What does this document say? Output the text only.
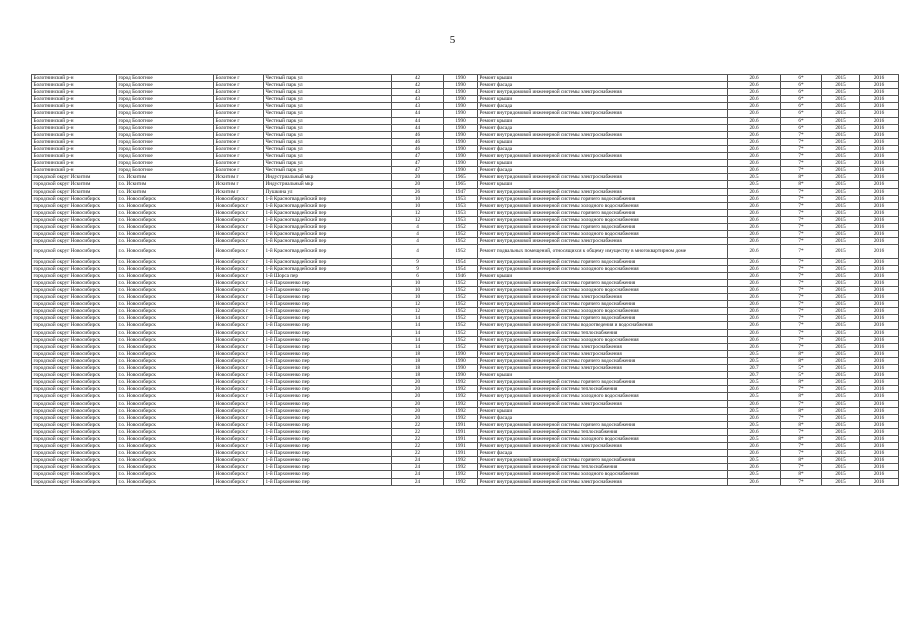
5
Болотнинский р-н	город Болотное	Болотное г	Честный парк ул	42	1990	Ремонт крыши	20.6	6*	2015	2016
Болотнинский р-н	город Болотное	Болотное г	Честный парк ул	42	1990	Ремонт фасада	20.6	6*	2015	2016
Болотнинский р-н	город Болотное	Болотное г	Честный парк ул	43	1990	Ремонт внутридомовой инженерной системы электроснабжения	20.6	6*	2015	2016
Болотнинский р-н	город Болотное	Болотное г	Честный парк ул	43	1990	Ремонт крыши	20.6	6*	2015	2016
Болотнинский р-н	город Болотное	Болотное г	Честный парк ул	43	1990	Ремонт фасада	20.6	6*	2015	2016
Болотнинский р-н	город Болотное	Болотное г	Честный парк ул	44	1990	Ремонт внутридомовой инженерной системы электроснабжения	20.6	6*	2015	2016
Болотнинский р-н	город Болотное	Болотное г	Честный парк ул	44	1990	Ремонт крыши	20.6	6*	2015	2016
Болотнинский р-н	город Болотное	Болотное г	Честный парк ул	44	1990	Ремонт фасада	20.6	6*	2015	2016
Болотнинский р-н	город Болотное	Болотное г	Честный парк ул	46	1990	Ремонт внутридомовой инженерной системы электроснабжения	20.6	7*	2015	2016
Болотнинский р-н	город Болотное	Болотное г	Честный парк ул	46	1990	Ремонт крыши	20.6	7*	2015	2016
Болотнинский р-н	город Болотное	Болотное г	Честный парк ул	46	1990	Ремонт фасада	20.6	7*	2015	2016
Болотнинский р-н	город Болотное	Болотное г	Честный парк ул	47	1990	Ремонт внутридомовой инженерной системы электроснабжения	20.6	7*	2015	2016
Болотнинский р-н	город Болотное	Болотное г	Честный парк ул	47	1990	Ремонт крыши	20.6	7*	2015	2016
Болотнинский р-н	город Болотное	Болотное г	Честный парк ул	47	1990	Ремонт фасада	20.6	7*	2015	2016
городской округ Искитим	г.о. Искитим	Искитим г	Индустриальный мкр	20	1965	Ремонт внутридомовой инженерной системы электроснабжения	20.5	8*	2015	2016
городской округ Искитим	г.о. Искитим	Искитим г	Индустриальный мкр	20	1965	Ремонт крыши	20.5	8*	2015	2016
городской округ Искитим	г.о. Искитим	Искитим г	Пушкина ул	26	1947	Ремонт внутридомовой инженерной системы электроснабжения	20.6	7*	2015	2016
городской округ Новосибирск	г.о. Новосибирск	Новосибирск г	1-й Красногвардейский пер	10	1953	Ремонт внутридомовой инженерной системы горячего водоснабжения	20.6	7*	2015	2016
городской округ Новосибирск	г.о. Новосибирск	Новосибирск г	1-й Красногвардейский пер	10	1953	Ремонт внутридомовой инженерной системы холодного водоснабжения	20.6	7*	2015	2016
городской округ Новосибирск	г.о. Новосибирск	Новосибирск г	1-й Красногвардейский пер	12	1953	Ремонт внутридомовой инженерной системы горячего водоснабжения	20.6	7*	2015	2016
городской округ Новосибирск	г.о. Новосибирск	Новосибирск г	1-й Красногвардейский пер	12	1953	Ремонт внутридомовой инженерной системы холодного водоснабжения	20.6	7*	2015	2016
городской округ Новосибирск	г.о. Новосибирск	Новосибирск г	1-й Красногвардейский пер	4	1952	Ремонт внутридомовой инженерной системы горячего водоснабжения	20.6	7*	2015	2016
городской округ Новосибирск	г.о. Новосибирск	Новосибирск г	1-й Красногвардейский пер	4	1952	Ремонт внутридомовой инженерной системы холодного водоснабжения	20.6	7*	2015	2016
городской округ Новосибирск	г.о. Новосибирск	Новосибирск г	1-й Красногвардейский пер	4	1952	Ремонт внутридомовой инженерной системы электроснабжения	20.6	7*	2015	2016
городской округ Новосибирск	г.о. Новосибирск	Новосибирск г	1-й Красногвардейский пер	4	1952	Ремонт подвальных помещений, относящихся к общему имуществу в многоквартирном доме	20.6	7*	2015	2016
городской округ Новосибирск	г.о. Новосибирск	Новосибирск г	1-й Красногвардейский пер	9	1954	Ремонт внутридомовой инженерной системы горячего водоснабжения	20.6	7*	2015	2016
городской округ Новосибирск	г.о. Новосибирск	Новосибирск г	1-й Красногвардейский пер	9	1954	Ремонт внутридомовой инженерной системы холодного водоснабжения	20.6	7*	2015	2016
городской округ Новосибирск	г.о. Новосибирск	Новосибирск г	1-й Шорса пер	6	1946	Ремонт крыши	20.6	7*	2015	2016
городской округ Новосибирск	г.о. Новосибирск	Новосибирск г	1-й Пархоменко пер	10	1952	Ремонт внутридомовой инженерной системы горячего водоснабжения	20.6	7*	2015	2016
городской округ Новосибирск	г.о. Новосибирск	Новосибирск г	1-й Пархоменко пер	10	1952	Ремонт внутридомовой инженерной системы холодного водоснабжения	20.6	7*	2015	2016
городской округ Новосибирск	г.о. Новосибирск	Новосибирск г	1-й Пархоменко пер	10	1952	Ремонт внутридомовой инженерной системы электроснабжения	20.6	7*	2015	2016
городской округ Новосибирск	г.о. Новосибирск	Новосибирск г	1-й Пархоменко пер	12	1952	Ремонт внутридомовой инженерной системы горячего водоснабжения	20.6	7*	2015	2016
городской округ Новосибирск	г.о. Новосибирск	Новосибирск г	1-й Пархоменко пер	12	1952	Ремонт внутридомовой инженерной системы холодного водоснабжения	20.6	7*	2015	2016
городской округ Новосибирск	г.о. Новосибирск	Новосибирск г	1-й Пархоменко пер	14	1952	Ремонт внутридомовой инженерной системы горячего водоснабжения	20.6	7*	2015	2016
городской округ Новосибирск	г.о. Новосибирск	Новосибирск г	1-й Пархоменко пер	14	1952	Ремонт внутридомовой инженерной системы водоотведения и водоснабжения	20.6	7*	2015	2016
городской округ Новосибирск	г.о. Новосибирск	Новосибирск г	1-й Пархоменко пер	14	1952	Ремонт внутридомовой инженерной системы теплоснабжения	20.6	7*	2015	2016
городской округ Новосибирск	г.о. Новосибирск	Новосибирск г	1-й Пархоменко пер	14	1952	Ремонт внутридомовой инженерной системы холодного водоснабжения	20.6	7*	2015	2016
городской округ Новосибирск	г.о. Новосибирск	Новосибирск г	1-й Пархоменко пер	14	1952	Ремонт внутридомовой инженерной системы электроснабжения	20.6	7*	2015	2016
городской округ Новосибирск	г.о. Новосибирск	Новосибирск г	1-й Пархоменко пер	18	1990	Ремонт внутридомовой инженерной системы электроснабжения	20.5	8*	2015	2016
городской округ Новосибирск	г.о. Новосибирск	Новосибирск г	1-й Пархоменко пер	18	1990	Ремонт внутридомовой инженерной системы горячего водоснабжения	20.5	8*	2015	2016
городской округ Новосибирск	г.о. Новосибирск	Новосибирск г	1-й Пархоменко пер	18	1990	Ремонт внутридомовой инженерной системы электроснабжения	20.7	5*	2015	2016
городской округ Новосибирск	г.о. Новосибирск	Новосибирск г	1-й Пархоменко пер	18	1990	Ремонт крыши	20.7	5*	2015	2016
городской округ Новосибирск	г.о. Новосибирск	Новосибирск г	1-й Пархоменко пер	20	1992	Ремонт внутридомовой инженерной системы горячего водоснабжения	20.5	8*	2015	2016
городской округ Новосибирск	г.о. Новосибирск	Новосибирск г	1-й Пархоменко пер	20	1992	Ремонт внутридомовой инженерной системы теплоснабжения	20.6	7*	2015	2016
городской округ Новосибирск	г.о. Новосибирск	Новосибирск г	1-й Пархоменко пер	20	1992	Ремонт внутридомовой инженерной системы холодного водоснабжения	20.5	8*	2015	2016
городской округ Новосибирск	г.о. Новосибирск	Новосибирск г	1-й Пархоменко пер	20	1992	Ремонт внутридомовой инженерной системы электроснабжения	20.6	7*	2015	2016
городской округ Новосибирск	г.о. Новосибирск	Новосибирск г	1-й Пархоменко пер	20	1992	Ремонт крыши	20.5	8*	2015	2016
городской округ Новосибирск	г.о. Новосибирск	Новосибирск г	1-й Пархоменко пер	20	1992	Ремонт фасада	20.6	7*	2015	2016
городской округ Новосибирск	г.о. Новосибирск	Новосибирск г	1-й Пархоменко пер	22	1991	Ремонт внутридомовой инженерной системы горячего водоснабжения	20.5	8*	2015	2016
городской округ Новосибирск	г.о. Новосибирск	Новосибирск г	1-й Пархоменко пер	22	1991	Ремонт внутридомовой инженерной системы теплоснабжения	20.6	7*	2015	2016
городской округ Новосибирск	г.о. Новосибирск	Новосибирск г	1-й Пархоменко пер	22	1991	Ремонт внутридомовой инженерной системы холодного водоснабжения	20.5	8*	2015	2016
городской округ Новосибирск	г.о. Новосибирск	Новосибирск г	1-й Пархоменко пер	22	1991	Ремонт внутридомовой инженерной системы электроснабжения	20.6	7*	2015	2016
городской округ Новосибирск	г.о. Новосибирск	Новосибирск г	1-й Пархоменко пер	22	1991	Ремонт фасада	20.6	7*	2015	2016
городской округ Новосибирск	г.о. Новосибирск	Новосибирск г	1-й Пархоменко пер	24	1992	Ремонт внутридомовой инженерной системы горячего водоснабжения	20.5	8*	2015	2016
городской округ Новосибирск	г.о. Новосибирск	Новосибирск г	1-й Пархоменко пер	24	1992	Ремонт внутридомовой инженерной системы теплоснабжения	20.6	7*	2015	2016
городской округ Новосибирск	г.о. Новосибирск	Новосибирск г	1-й Пархоменко пер	24	1992	Ремонт внутридомовой инженерной системы холодного водоснабжения	20.5	8*	2015	2016
городской округ Новосибирск	г.о. Новосибирск	Новосибирск г	1-й Пархоменко пер	24	1992	Ремонт внутридомовой инженерной системы электроснабжения	20.6	7*	2015	2016
